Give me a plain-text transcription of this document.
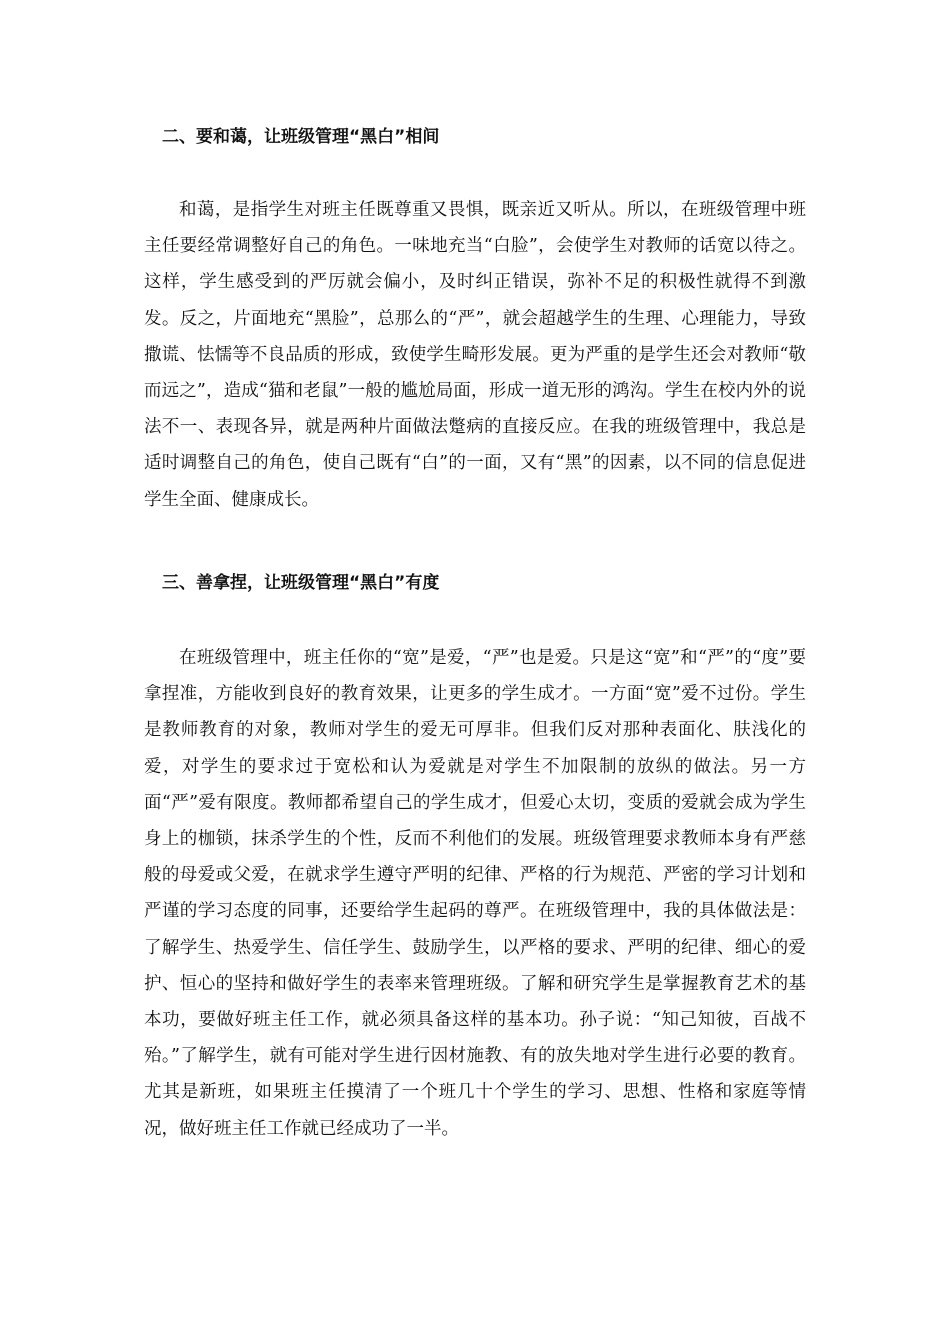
二、要和蔼，让班级管理“黑白”相间

和蔼，是指学生对班主任既尊重又畏惧，既亲近又听从。所以，在班级管理中班主任要经常调整好自己的角色。一味地充当“白脸”，会使学生对教师的话宽以待之。这样，学生感受到的严厉就会偏小，及时纠正错误，弥补不足的积极性就得不到激发。反之，片面地充“黑脸”，总那么的“严”，就会超越学生的生理、心理能力，导致撒谎、怯懦等不良品质的形成，致使学生畸形发展。更为严重的是学生还会对教师“敬而远之”，造成“猫和老鼠”一般的尴尬局面，形成一道无形的鸿沟。学生在校内外的说法不一、表现各异，就是两种片面做法蹩病的直接反应。在我的班级管理中，我总是适时调整自己的角色，使自己既有“白”的一面，又有“黑”的因素，以不同的信息促进学生全面、健康成长。

三、善拿捏，让班级管理“黑白”有度

在班级管理中，班主任你的“宽”是爱，“严”也是爱。只是这“宽”和“严”的“度”要拿捏准，方能收到良好的教育效果，让更多的学生成才。一方面“宽”爱不过份。学生是教师教育的对象，教师对学生的爱无可厚非。但我们反对那种表面化、肤浅化的爱，对学生的要求过于宽松和认为爱就是对学生不加限制的放纵的做法。另一方面“严”爱有限度。教师都希望自己的学生成才，但爱心太切，变质的爱就会成为学生身上的枷锁，抹杀学生的个性，反而不利他们的发展。班级管理要求教师本身有严慈般的母爱或父爱，在就求学生遵守严明的纪律、严格的行为规范、严密的学习计划和严谨的学习态度的同事，还要给学生起码的尊严。在班级管理中，我的具体做法是：了解学生、热爱学生、信任学生、鼓励学生，以严格的要求、严明的纪律、细心的爱护、恒心的坚持和做好学生的表率来管理班级。了解和研究学生是掌握教育艺术的基本功，要做好班主任工作，就必须具备这样的基本功。孙子说：“知己知彼，百战不殆。”了解学生，就有可能对学生进行因材施教、有的放失地对学生进行必要的教育。尤其是新班，如果班主任摸清了一个班几十个学生的学习、思想、性格和家庭等情况，做好班主任工作就已经成功了一半。
